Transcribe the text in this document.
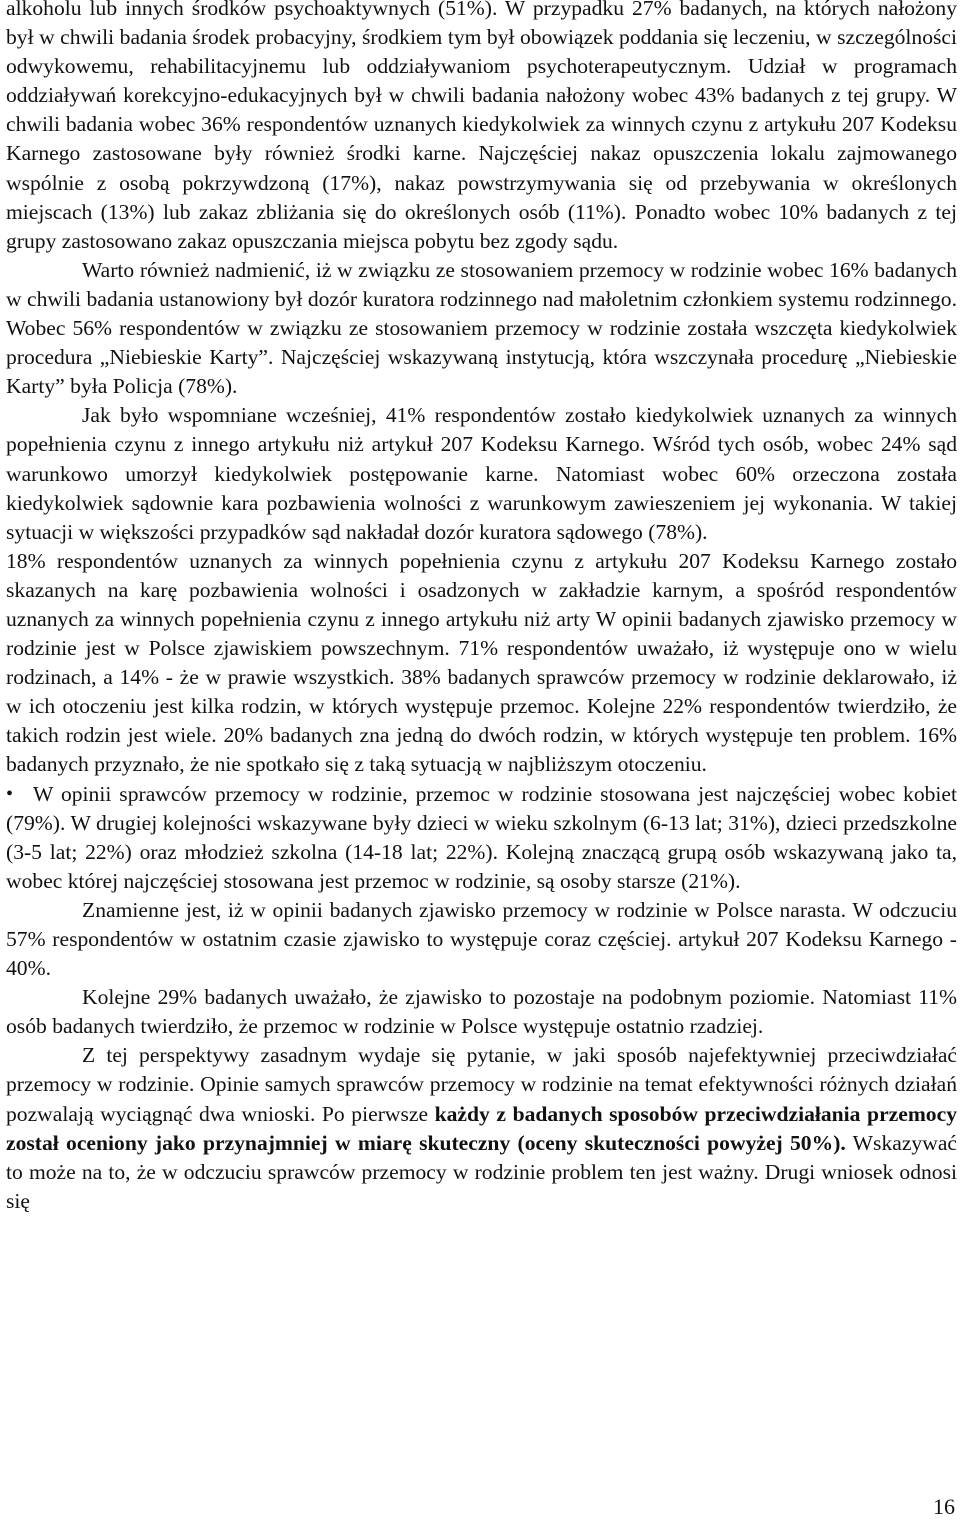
alkoholu lub innych środków psychoaktywnych (51%). W przypadku 27% badanych, na których nałożony był w chwili badania środek probacyjny, środkiem tym był obowiązek poddania się leczeniu, w szczególności odwykowemu, rehabilitacyjnemu lub oddziaływaniom psychoterapeutycznym. Udział w programach oddziaływań korekcyjno-edukacyjnych był w chwili badania nałożony wobec 43% badanych z tej grupy. W chwili badania wobec 36% respondentów uznanych kiedykolwiek za winnych czynu z artykułu 207 Kodeksu Karnego zastosowane były również środki karne. Najczęściej nakaz opuszczenia lokalu zajmowanego wspólnie z osobą pokrzywdzoną (17%), nakaz powstrzymywania się od przebywania w określonych miejscach (13%) lub zakaz zbliżania się do określonych osób (11%). Ponadto wobec 10% badanych z tej grupy zastosowano zakaz opuszczania miejsca pobytu bez zgody sądu.

Warto również nadmienić, iż w związku ze stosowaniem przemocy w rodzinie wobec 16% badanych w chwili badania ustanowiony był dozór kuratora rodzinnego nad małoletnim członkiem systemu rodzinnego. Wobec 56% respondentów w związku ze stosowaniem przemocy w rodzinie została wszczęta kiedykolwiek procedura „Niebieskie Karty”. Najczęściej wskazywaną instytucją, która wszczynała procedurę „Niebieskie Karty” była Policja (78%).

Jak było wspomniane wcześniej, 41% respondentów zostało kiedykolwiek uznanych za winnych popełnienia czynu z innego artykułu niż artykuł 207 Kodeksu Karnego. Wśród tych osób, wobec 24% sąd warunkowo umorzył kiedykolwiek postępowanie karne. Natomiast wobec 60% orzeczona została kiedykolwiek sądownie kara pozbawienia wolności z warunkowym zawieszeniem jej wykonania. W takiej sytuacji w większości przypadków sąd nakładał dozór kuratora sądowego (78%).

18% respondentów uznanych za winnych popełnienia czynu z artykułu 207 Kodeksu Karnego zostało skazanych na karę pozbawienia wolności i osadzonych w zakładzie karnym, a spośród respondentów uznanych za winnych popełnienia czynu z innego artykułu niż arty W opinii badanych zjawisko przemocy w rodzinie jest w Polsce zjawiskiem powszechnym. 71% respondentów uważało, iż występuje ono w wielu rodzinach, a 14% - że w prawie wszystkich. 38% badanych sprawców przemocy w rodzinie deklarowało, iż w ich otoczeniu jest kilka rodzin, w których występuje przemoc. Kolejne 22% respondentów twierdziło, że takich rodzin jest wiele. 20% badanych zna jedną do dwóch rodzin, w których występuje ten problem. 16% badanych przyznało, że nie spotkało się z taką sytuacją w najbliższym otoczeniu.

• W opinii sprawców przemocy w rodzinie, przemoc w rodzinie stosowana jest najczęściej wobec kobiet (79%). W drugiej kolejności wskazywane były dzieci w wieku szkolnym (6-13 lat; 31%), dzieci przedszkolne (3-5 lat; 22%) oraz młodzież szkolna (14-18 lat; 22%). Kolejną znaczącą grupą osób wskazywaną jako ta, wobec której najczęściej stosowana jest przemoc w rodzinie, są osoby starsze (21%).

Znamienne jest, iż w opinii badanych zjawisko przemocy w rodzinie w Polsce narasta. W odczuciu 57% respondentów w ostatnim czasie zjawisko to występuje coraz częściej. artykuł 207 Kodeksu Karnego - 40%.

Kolejne 29% badanych uważało, że zjawisko to pozostaje na podobnym poziomie. Natomiast 11% osób badanych twierdziło, że przemoc w rodzinie w Polsce występuje ostatnio rzadziej.

Z tej perspektywy zasadnym wydaje się pytanie, w jaki sposób najefektywniej przeciwdziałać przemocy w rodzinie. Opinie samych sprawców przemocy w rodzinie na temat efektywności różnych działań pozwalają wyciągnąć dwa wnioski. Po pierwsze każdy z badanych sposobów przeciwdziałania przemocy został oceniony jako przynajmniej w miarę skuteczny (oceny skuteczności powyżej 50%). Wskazywać to może na to, że w odczuciu sprawców przemocy w rodzinie problem ten jest ważny. Drugi wniosek odnosi się

16
